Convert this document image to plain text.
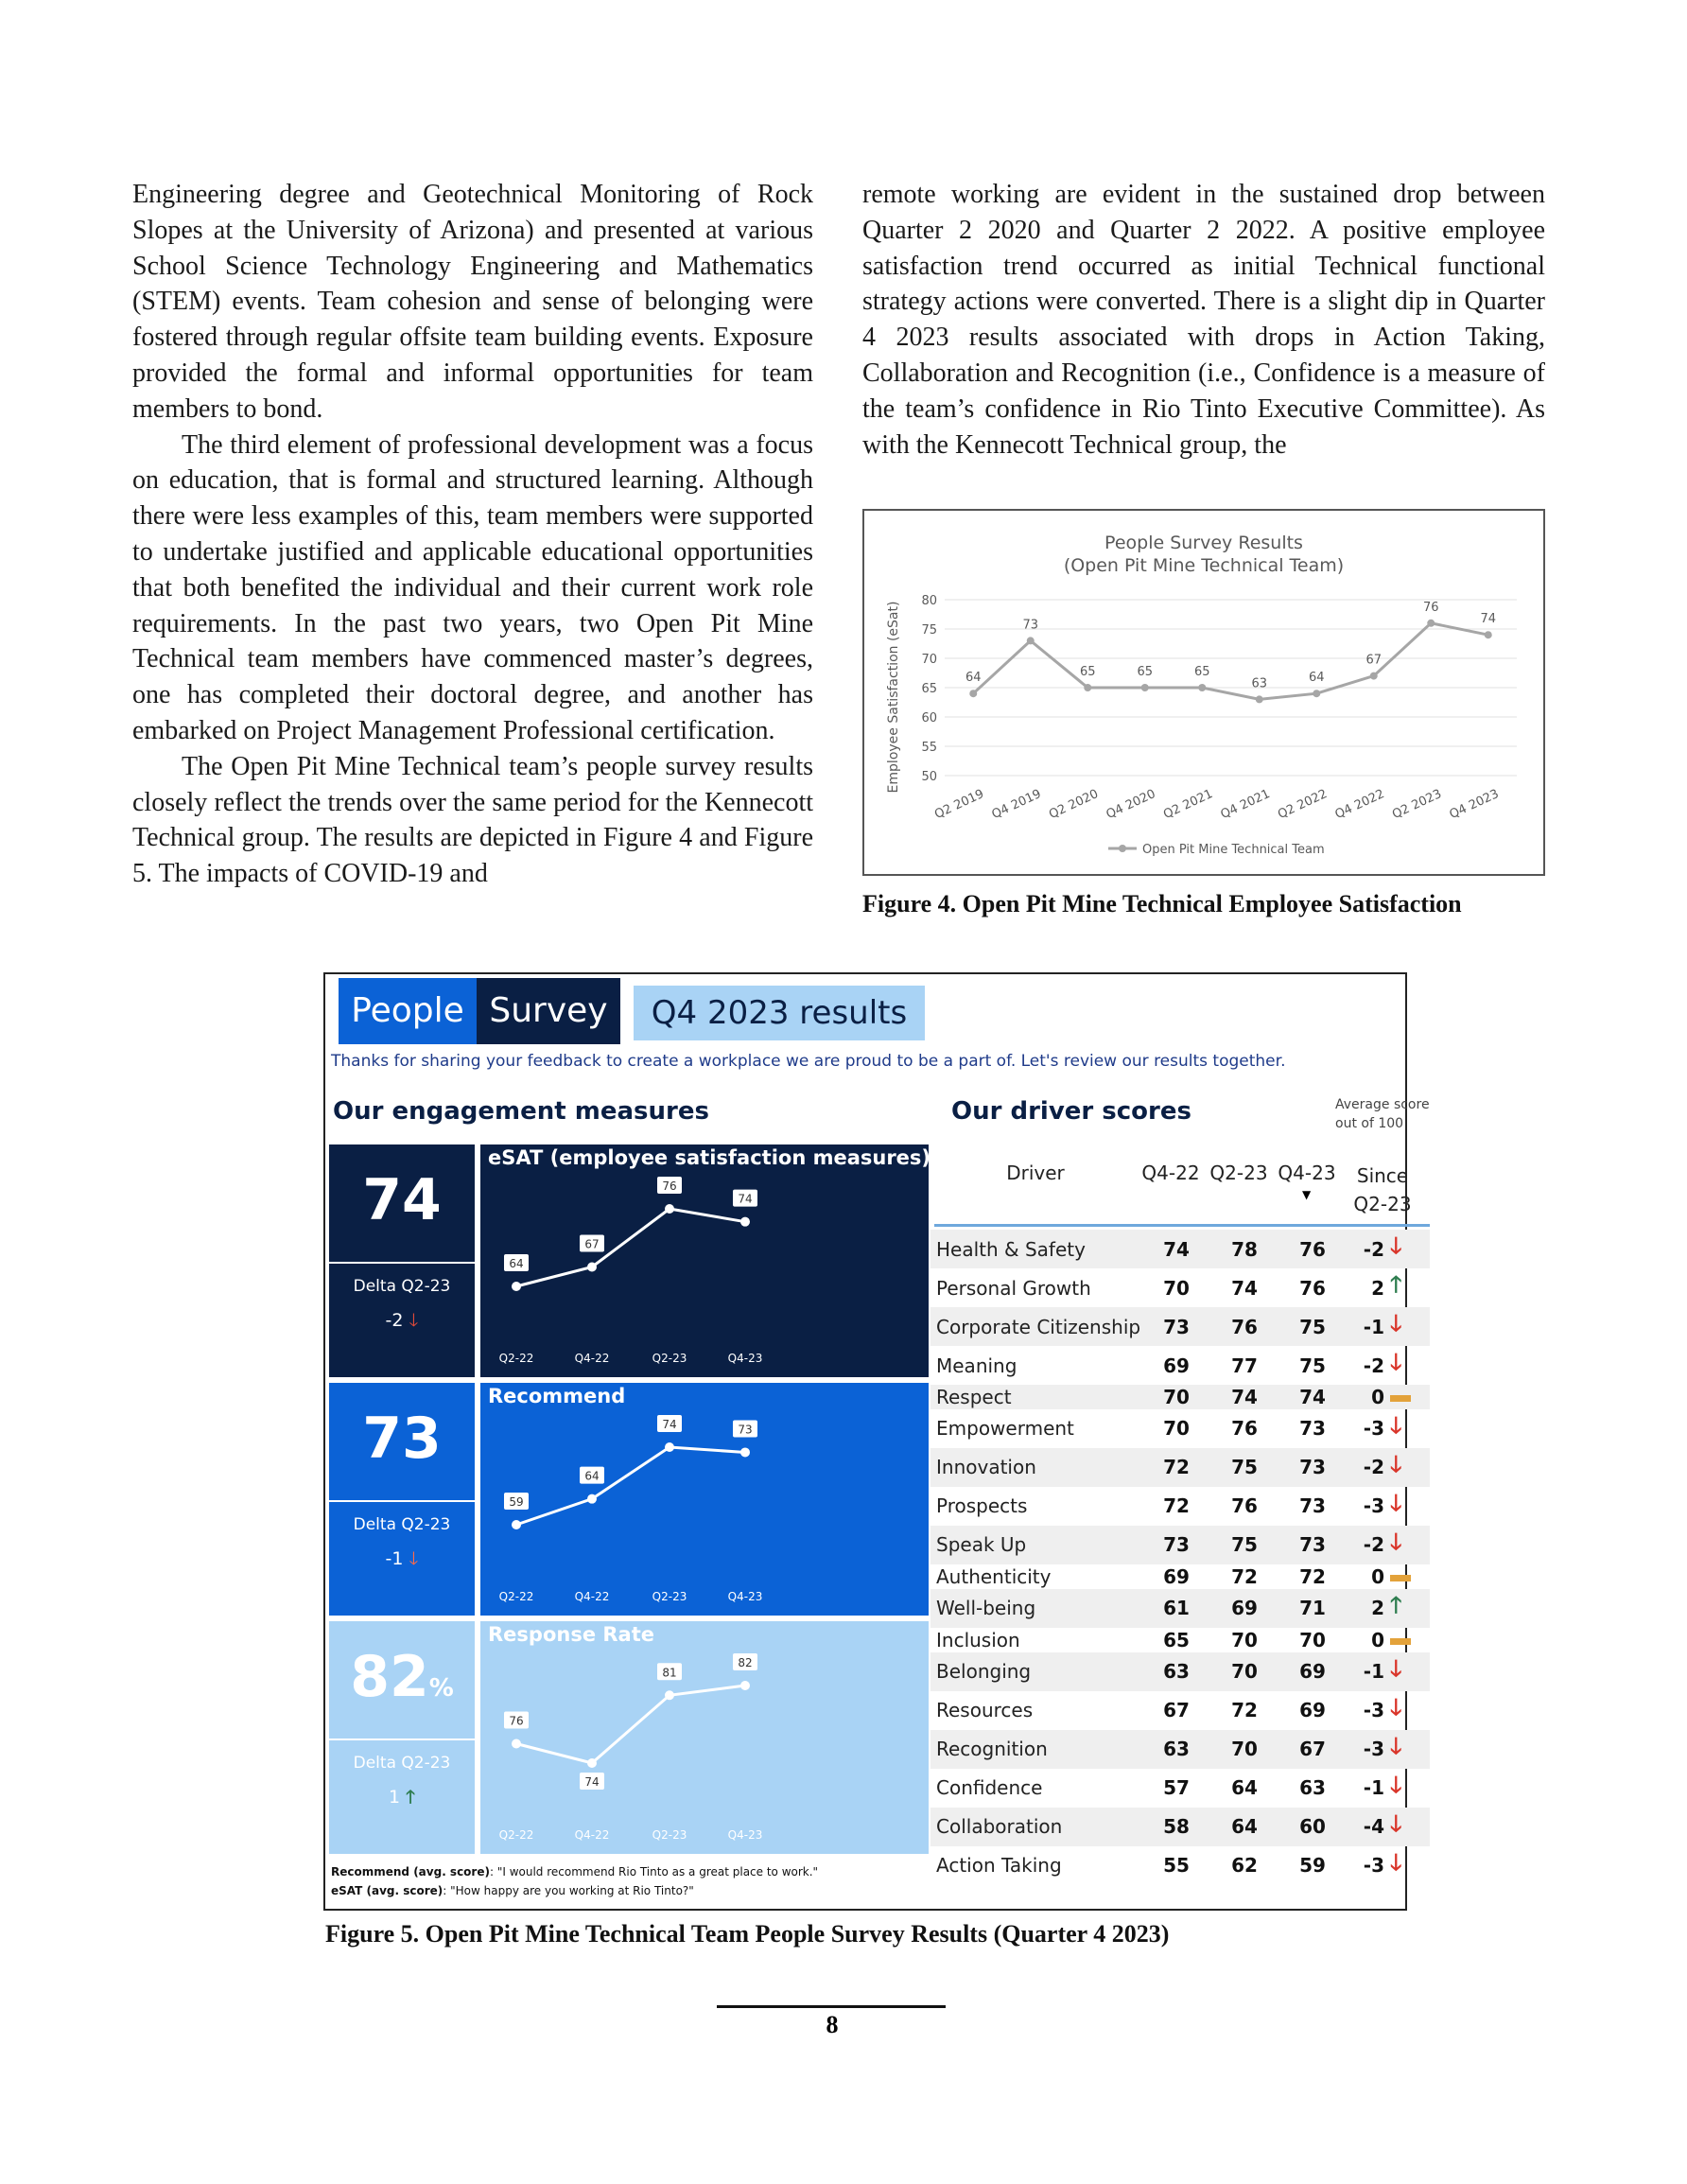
Engineering degree and Geotechnical Monitoring of Rock Slopes at the University of Arizona) and presented at various School Science Technology Engineering and Mathematics (STEM) events. Team cohesion and sense of belonging were fostered through regular offsite team building events. Exposure provided the formal and informal opportunities for team members to bond.

The third element of professional development was a focus on education, that is formal and structured learning. Although there were less examples of this, team members were supported to undertake justified and applicable educational opportunities that both benefited the individual and their current work role requirements. In the past two years, two Open Pit Mine Technical team members have commenced master’s degrees, one has completed their doctoral degree, and another has embarked on Project Management Professional certification.

The Open Pit Mine Technical team’s people survey results closely reflect the trends over the same period for the Kennecott Technical group. The results are depicted in Figure 4 and Figure 5. The impacts of COVID-19 and

remote working are evident in the sustained drop between Quarter 2 2020 and Quarter 2 2022. A positive employee satisfaction trend occurred as initial Technical functional strategy actions were converted. There is a slight dip in Quarter 4 2023 results associated with drops in Action Taking, Collaboration and Recognition (i.e., Confidence is a measure of the team’s confidence in Rio Tinto Executive Committee). As with the Kennecott Technical group, the

People Survey Results
(Open Pit Mine Technical Team)
50
55
60
65
70
75
80
Employee Satisfaction (eSat)	64
73
65	65	65
63	64
67
76
74
Q2 2019 Q4 2019 Q2 2020 Q4 2020 Q2 2021 Q4 2021 Q2 2022 Q4 2022 Q2 2023 Q4 2023
Open Pit Mine Technical Team
Figure 4. Open Pit Mine Technical Employee Satisfaction
People Survey	Q4 2023 results
Thanks for sharing your feedback to create a workplace we are proud to be a part of. Let's review our results together.
Our engagement measures	Our driver scores	Average score out of 100
74
Delta Q2-23
-2 🡓
eSAT (employee satisfaction measures)
64
67
76
74
Q2-22	Q4-22	Q2-23	Q4-23
73
Delta Q2-23
-1 🡓
Recommend
59
64
74	73
Q2-22	Q4-22	Q2-23	Q4-23
82%
Delta Q2-23
1 🡑
Response Rate
76
74
81
82
Q2-22	Q4-22	Q2-23	Q4-23
Recommend (avg. score): "I would recommend Rio Tinto as a great place to work."
eSAT (avg. score): "How happy are you working at Rio Tinto?"
Driver	Q4-22 Q2-23 Q4-23
▼
Since Q2-23
Health & Safety	74	78	76	-2	🡓
Personal Growth	70	74	76	2	🡑
Corporate Citizenship	73	76	75	-1	🡓
Meaning	69	77	75	-2	🡓
Respect	70	74	74	0	
Empowerment	70	76	73	-3	🡓
Innovation	72	75	73	-2	🡓
Prospects	72	76	73	-3	🡓
Speak Up	73	75	73	-2	🡓
Authenticity	69	72	72	0	
Well-being	61	69	71	2	🡑
Inclusion	65	70	70	0	
Belonging	63	70	69	-1	🡓
Resources	67	72	69	-3	🡓
Recognition	63	70	67	-3	🡓
Confidence	57	64	63	-1	🡓
Collaboration	58	64	60	-4	🡓
Action Taking	55	62	59	-3	🡓
Figure 5. Open Pit Mine Technical Team People Survey Results (Quarter 4 2023)
8
